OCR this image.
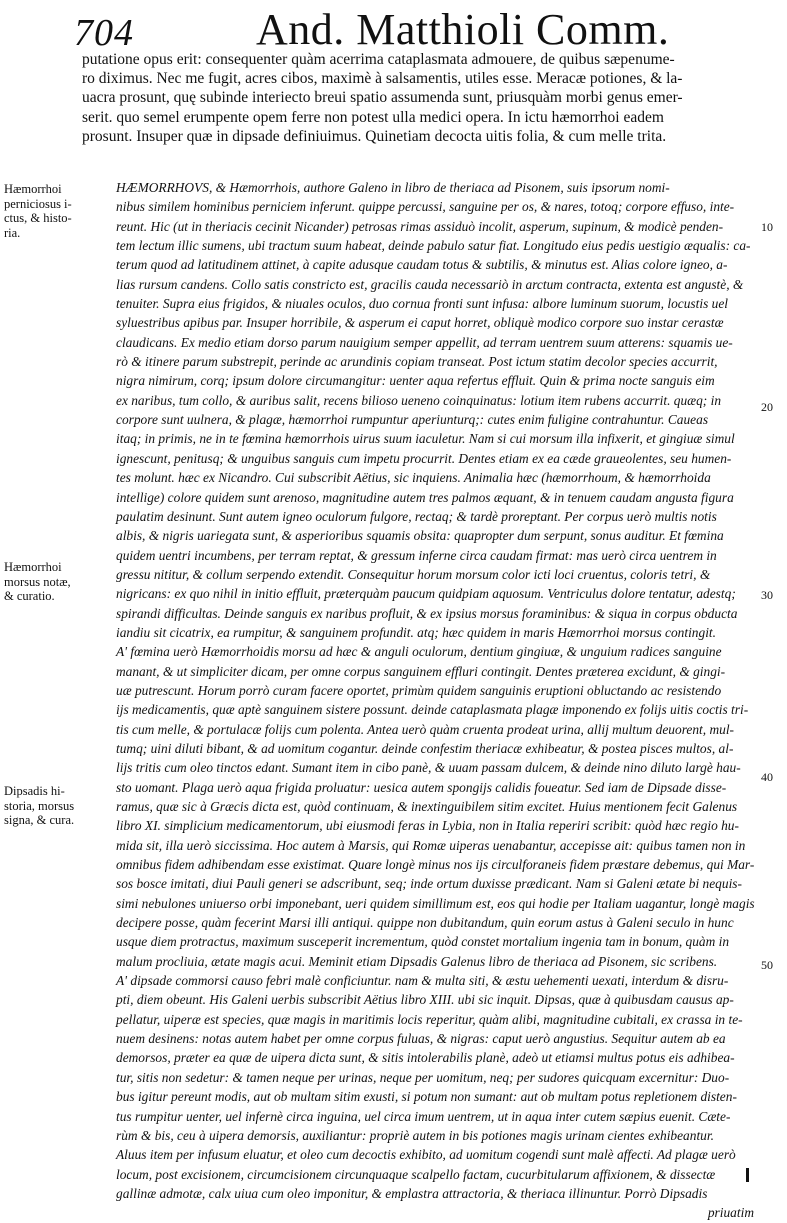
704	And. Matthioli Comm.
putatione opus erit: consequenter quàm acerrima cataplasmata admouere, de quibus sæpenume-
ro diximus. Nec me fugit, acres cibos, maximè à salsamentis, utiles esse. Meracæ potiones, & la-
uacra prosunt, quę subinde interiecto breui spatio assumenda sunt, priusquàm morbi genus emer-
serit. quo semel erumpente opem ferre non potest ulla medici opera. In ictu hæmorrhoi eadem
prosunt. Insuper quæ in dipsade definiuimus. Quinetiam decocta uitis folia, & cum melle trita.
Hæmorrhoi
perniciosus i-
ctus, & histo-
ria.
Hæmorrhoi
morsus notæ,
& curatio.
Dipsadis hi-
storia, morsus
signa, & cura.
HÆMORRHOVS, & Hæmorrhois, authore Galeno in libro de theriaca ad Pisonem, suis ipsorum nomi-
nibus similem hominibus perniciem inferunt. quippe percussi, sanguine per os, & nares, totoq; corpore effuso, inte-
reunt. Hic (ut in theriacis cecinit Nicander) petrosas rimas assiduò incolit, asperum, supinum, & modicè penden-
tem lectum illic sumens, ubi tractum suum habeat, deinde pabulo satur fiat. Longitudo eius pedis uestigio æqualis: ca-
terum quod ad latitudinem attinet, à capite adusque caudam totus & subtilis, & minutus est. Alias colore igneo, a-
lias rursum candens. Collo satis constricto est, gracilis cauda necessariò in arctum contracta, extenta est angustè, &
tenuiter. Supra eius frigidos, & niuales oculos, duo cornua fronti sunt infusa: albore luminum suorum, locustis uel
syluestribus apibus par. Insuper horribile, & asperum ei caput horret, obliquè modico corpore suo instar cerastæ
claudicans. Ex medio etiam dorso parum nauigium semper appellit, ad terram uentrem suum atterens: squamis ue-
rò & itinere parum substrepit, perinde ac arundinis copiam transeat. Post ictum statim decolor species accurrit,
nigra nimirum, corq; ipsum dolore circumangitur: uenter aqua refertus effluit. Quin & prima nocte sanguis eim
ex naribus, tum collo, & auribus salit, recens bilioso ueneno coinquinatus: lotium item rubens accurrit. quæq; in
corpore sunt uulnera, & plagæ, hæmorrhoi rumpuntur aperiunturq;: cutes enim fuligine contrahuntur. Caueas
itaq; in primis, ne in te fœmina hæmorrhois uirus suum iaculetur. Nam si cui morsum illa infixerit, et gingiuæ simul
ignescunt, penitusq; & unguibus sanguis cum impetu procurrit. Dentes etiam ex ea cæde graueolentes, seu humen-
tes molunt. hæc ex Nicandro. Cui subscribit Aëtius, sic inquiens. Animalia hæc (hæmorrhoum, & hæmorrhoida
intellige) colore quidem sunt arenoso, magnitudine autem tres palmos æquant, & in tenuem caudam angusta figura
paulatim desinunt. Sunt autem igneo oculorum fulgore, rectaq; & tardè proreptant. Per corpus uerò multis notis
albis, & nigris uariegata sunt, & asperioribus squamis obsita: quapropter dum serpunt, sonus auditur. Et fœmina
quidem uentri incumbens, per terram reptat, & gressum inferne circa caudam firmat: mas uerò circa uentrem in
gressu nititur, & collum serpendo extendit. Consequitur horum morsum color icti loci cruentus, coloris tetri, &
nigricans: ex quo nihil in initio effluit, præterquàm paucum quidpiam aquosum. Ventriculus dolore tentatur, adestq;
spirandi difficultas. Deinde sanguis ex naribus profluit, & ex ipsius morsus foraminibus: & siqua in corpus obducta
iandiu sit cicatrix, ea rumpitur, & sanguinem profundit. atq; hæc quidem in maris Hæmorrhoi morsus contingit.
A' fœmina uerò Hæmorrhoidis morsu ad hæc & anguli oculorum, dentium gingiuæ, & unguium radices sanguine
manant, & ut simpliciter dicam, per omne corpus sanguinem effluri contingit. Dentes præterea excidunt, & gingi-
uæ putrescunt. Horum porrò curam facere oportet, primùm quidem sanguinis eruptioni obluctando ac resistendo
ijs medicamentis, quæ aptè sanguinem sistere possunt. deinde cataplasmata plagæ imponendo ex folijs uitis coctis tri-
tis cum melle, & portulacæ folijs cum polenta. Antea uerò quàm cruenta prodeat urina, allij multum deuorent, mul-
tumq; uini diluti bibant, & ad uomitum cogantur. deinde confestim theriacæ exhibeatur, & postea pisces multos, al-
lijs tritis cum oleo tinctos edant. Sumant item in cibo panè, & uuam passam dulcem, & deinde nino diluto largè hau-
sto uomant. Plaga uerò aqua frigida proluatur: uesica autem spongijs calidis foueatur. Sed iam de Dipsade disse-
ramus, quæ sic à Græcis dicta est, quòd continuam, & inextinguibilem sitim excitet. Huius mentionem fecit Galenus
libro XI. simplicium medicamentorum, ubi eiusmodi feras in Lybia, non in Italia reperiri scribit: quòd hæc regio hu-
mida sit, illa uerò siccissima. Hoc autem à Marsis, qui Romæ uiperas uenabantur, accepisse ait: quibus tamen non in
omnibus fidem adhibendam esse existimat. Quare longè minus nos ijs circulforaneis fidem præstare debemus, qui Mar-
sos bosce imitati, diui Pauli generi se adscribunt, seq; inde ortum duxisse prædicant. Nam si Galeni ætate bi nequis-
simi nebulones uniuerso orbi imponebant, ueri quidem simillimum est, eos qui hodie per Italiam uagantur, longè magis
decipere posse, quàm fecerint Marsi illi antiqui. quippe non dubitandum, quin eorum astus à Galeni seculo in hunc
usque diem protractus, maximum susceperit incrementum, quòd constet mortalium ingenia tam in bonum, quàm in
malum procliuia, ætate magis acui. Meminit etiam Dipsadis Galenus libro de theriaca ad Pisonem, sic scribens.
A' dipsade commorsi causo febri malè conficiuntur. nam & multa siti, & æstu uehementi uexati, interdum & disru-
pti, diem obeunt. His Galeni uerbis subscribit Aëtius libro XIII. ubi sic inquit. Dipsas, quæ à quibusdam causus ap-
pellatur, uiperæ est species, quæ magis in maritimis locis reperitur, quàm alibi, magnitudine cubitali, ex crassa in te-
nuem desinens: notas autem habet per omne corpus fuluas, & nigras: caput uerò angustius. Sequitur autem ab ea
demorsos, præter ea quæ de uipera dicta sunt, & sitis intolerabilis planè, adeò ut etiamsi multus potus eis adhibea-
tur, sitis non sedetur: & tamen neque per urinas, neque per uomitum, neq; per sudores quicquam excernitur: Duo-
bus igitur pereunt modis, aut ob multam sitim exusti, si potum non sumant: aut ob multam potus repletionem disten-
tus rumpitur uenter, uel infernè circa inguina, uel circa imum uentrem, ut in aqua inter cutem sæpius euenit. Cæte-
rùm & bis, ceu à uipera demorsis, auxiliantur: propriè autem in bis potiones magis urinam cientes exhibeantur.
Aluus item per infusum eluatur, et oleo cum decoctis exhibito, ad uomitum cogendi sunt malè affecti. Ad plagæ uerò
locum, post excisionem, circumcisionem circunquaque scalpello factam, cucurbitularum affixionem, & dissectæ
gallinæ admotæ, calx uiua cum oleo imponitur, & emplastra attractoria, & theriaca illinuntur. Porrò Dipsadis
priuatim
10
20
30
40
50
